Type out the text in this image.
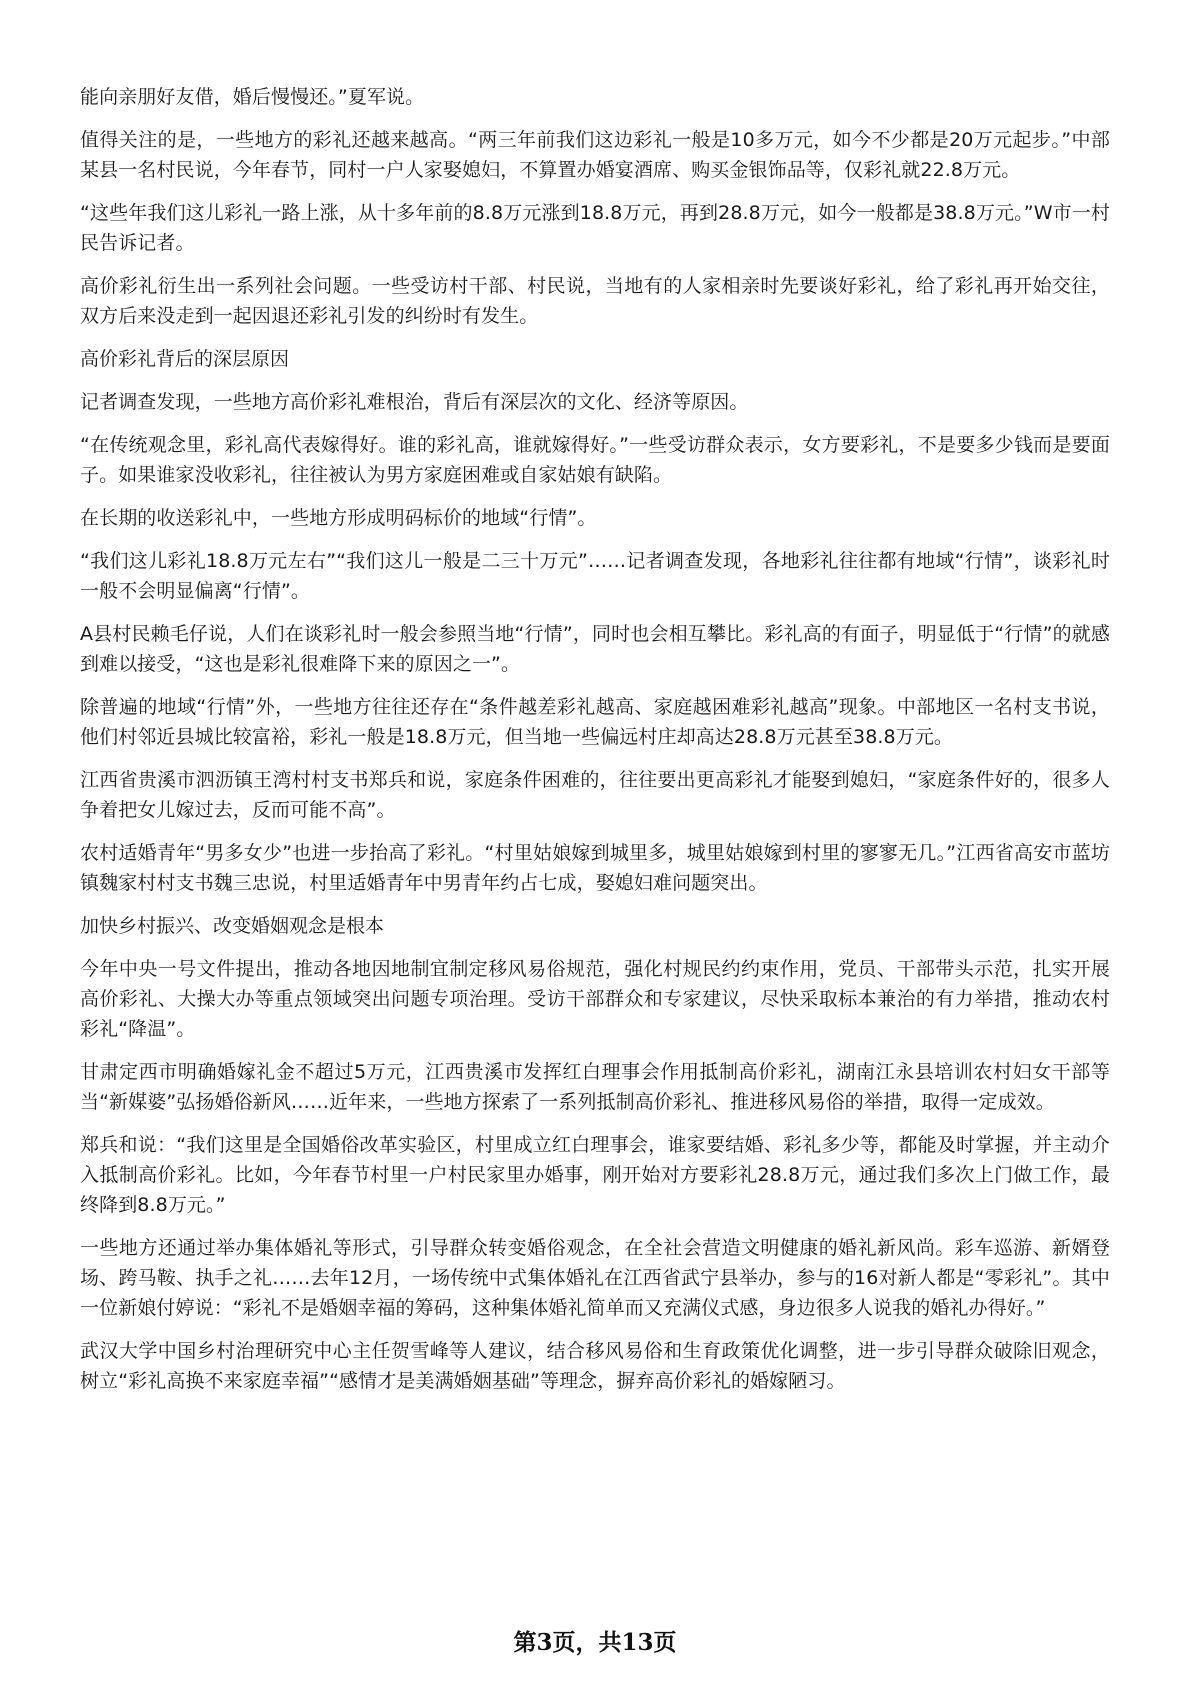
能向亲朋好友借，婚后慢慢还。”夏军说。

值得关注的是，一些地方的彩礼还越来越高。“两三年前我们这边彩礼一般是10多万元，如今不少都是20万元起步。”中部某县一名村民说，今年春节，同村一户人家娶媳妇，不算置办婚宴酒席、购买金银饰品等，仅彩礼就22.8万元。

“这些年我们这儿彩礼一路上涨，从十多年前的8.8万元涨到18.8万元，再到28.8万元，如今一般都是38.8万元。”W市一村民告诉记者。

高价彩礼衍生出一系列社会问题。一些受访村干部、村民说，当地有的人家相亲时先要谈好彩礼，给了彩礼再开始交往，双方后来没走到一起因退还彩礼引发的纠纷时有发生。

高价彩礼背后的深层原因

记者调查发现，一些地方高价彩礼难根治，背后有深层次的文化、经济等原因。

“在传统观念里，彩礼高代表嫁得好。谁的彩礼高，谁就嫁得好。”一些受访群众表示，女方要彩礼，不是要多少钱而是要面子。如果谁家没收彩礼，往往被认为男方家庭困难或自家姑娘有缺陷。

在长期的收送彩礼中，一些地方形成明码标价的地域“行情”。

“我们这儿彩礼18.8万元左右”“我们这儿一般是二三十万元”……记者调查发现，各地彩礼往往都有地域“行情”，谈彩礼时一般不会明显偏离“行情”。

A县村民赖毛仔说，人们在谈彩礼时一般会参照当地“行情”，同时也会相互攀比。彩礼高的有面子，明显低于“行情”的就感到难以接受，“这也是彩礼很难降下来的原因之一”。

除普遍的地域“行情”外，一些地方往往还存在“条件越差彩礼越高、家庭越困难彩礼越高”现象。中部地区一名村支书说，他们村邻近县城比较富裕，彩礼一般是18.8万元，但当地一些偏远村庄却高达28.8万元甚至38.8万元。

江西省贵溪市泗沥镇王湾村村支书郑兵和说，家庭条件困难的，往往要出更高彩礼才能娶到媳妇，“家庭条件好的，很多人争着把女儿嫁过去，反而可能不高”。

农村适婚青年“男多女少”也进一步抬高了彩礼。“村里姑娘嫁到城里多，城里姑娘嫁到村里的寥寥无几。”江西省高安市蓝坊镇魏家村村支书魏三忠说，村里适婚青年中男青年约占七成，娶媳妇难问题突出。

加快乡村振兴、改变婚姻观念是根本

今年中央一号文件提出，推动各地因地制宜制定移风易俗规范，强化村规民约约束作用，党员、干部带头示范，扎实开展高价彩礼、大操大办等重点领域突出问题专项治理。受访干部群众和专家建议，尽快采取标本兼治的有力举措，推动农村彩礼“降温”。

甘肃定西市明确婚嫁礼金不超过5万元，江西贵溪市发挥红白理事会作用抵制高价彩礼，湖南江永县培训农村妇女干部等当“新媒婆”弘扬婚俗新风……近年来，一些地方探索了一系列抵制高价彩礼、推进移风易俗的举措，取得一定成效。

郑兵和说：“我们这里是全国婚俗改革实验区，村里成立红白理事会，谁家要结婚、彩礼多少等，都能及时掌握，并主动介入抵制高价彩礼。比如，今年春节村里一户村民家里办婚事，刚开始对方要彩礼28.8万元，通过我们多次上门做工作，最终降到8.8万元。”

一些地方还通过举办集体婚礼等形式，引导群众转变婚俗观念，在全社会营造文明健康的婚礼新风尚。彩车巡游、新婿登场、跨马鞍、执手之礼……去年12月，一场传统中式集体婚礼在江西省武宁县举办，参与的16对新人都是“零彩礼”。其中一位新娘付婷说：“彩礼不是婚姻幸福的筹码，这种集体婚礼简单而又充满仪式感，身边很多人说我的婚礼办得好。”

武汉大学中国乡村治理研究中心主任贺雪峰等人建议，结合移风易俗和生育政策优化调整，进一步引导群众破除旧观念，树立“彩礼高换不来家庭幸福”“感情才是美满婚姻基础”等理念，摒弃高价彩礼的婚嫁陋习。

第3页，共13页
